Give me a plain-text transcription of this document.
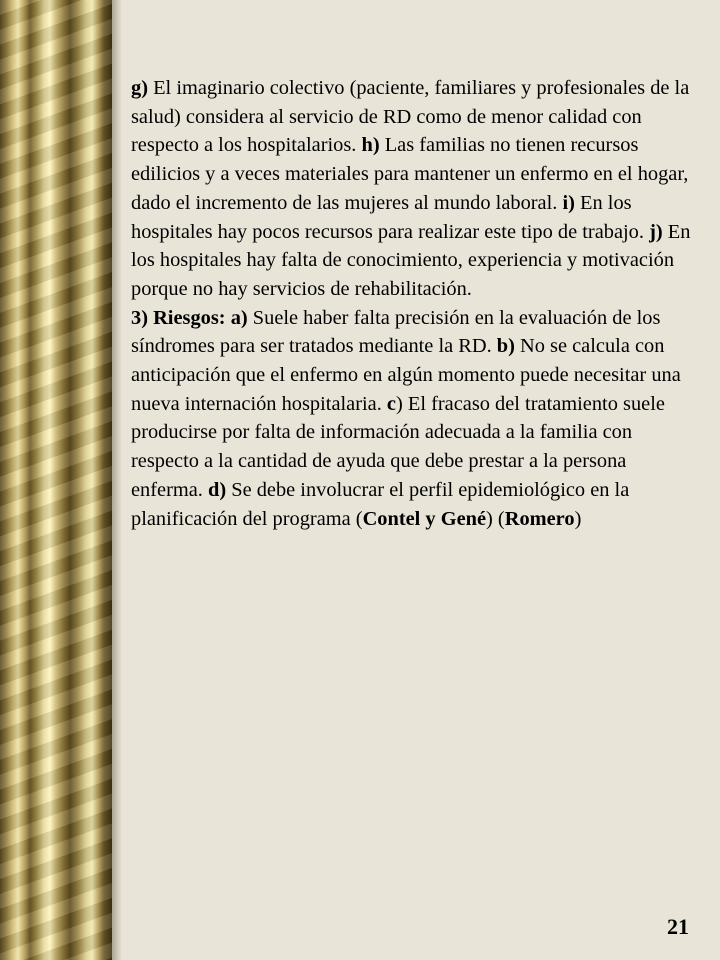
g) El imaginario colectivo (paciente, familiares y profesionales de la salud) considera al servicio de RD como de menor calidad con respecto a los hospitalarios. h) Las familias no tienen recursos edilicios y a veces materiales para mantener un enfermo en el hogar, dado el incremento de las mujeres al mundo laboral. i) En los hospitales hay pocos recursos para realizar este tipo de trabajo. j) En los hospitales hay falta de conocimiento, experiencia y motivación porque no hay servicios de rehabilitación.

3) Riesgos: a) Suele haber falta precisión en la evaluación de los síndromes para ser tratados mediante la RD. b) No se calcula con anticipación que el enfermo en algún momento puede necesitar una nueva internación hospitalaria. c) El fracaso del tratamiento suele producirse por falta de información adecuada a la familia con respecto a la cantidad de ayuda que debe prestar a la persona enferma. d) Se debe involucrar el perfil epidemiológico en la planificación del programa (Contel y Gené) (Romero)

21
